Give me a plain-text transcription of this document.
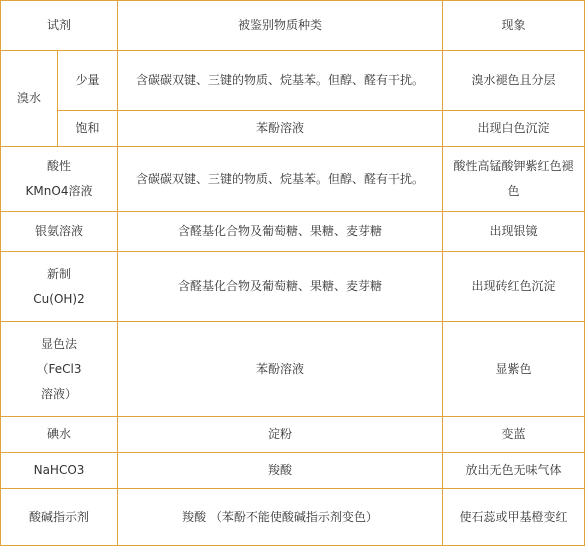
试剂		被鉴别物质种类	现象
溴水	少量	含碳碳双键、三键的物质、烷基苯。但醇、醛有干扰。	溴水褪色且分层
	饱和	苯酚溶液	出现白色沉淀

酸性
KMnO4溶液		含碳碳双键、三键的物质、烷基苯。但醇、醛有干扰。	酸性高锰酸钾紫红色褪色
银氨溶液		含醛基化合物及葡萄糖、果糖、麦芽糖	出现银镜

新制
Cu(OH)2		含醛基化合物及葡萄糖、果糖、麦芽糖	出现砖红色沉淀

显色法
（FeCl3
溶液）		苯酚溶液	显紫色
碘水		淀粉	变蓝
NaHCO3		羧酸	放出无色无味气体
酸碱指示剂		羧酸 （苯酚不能使酸碱指示剂变色）	使石蕊或甲基橙变红
